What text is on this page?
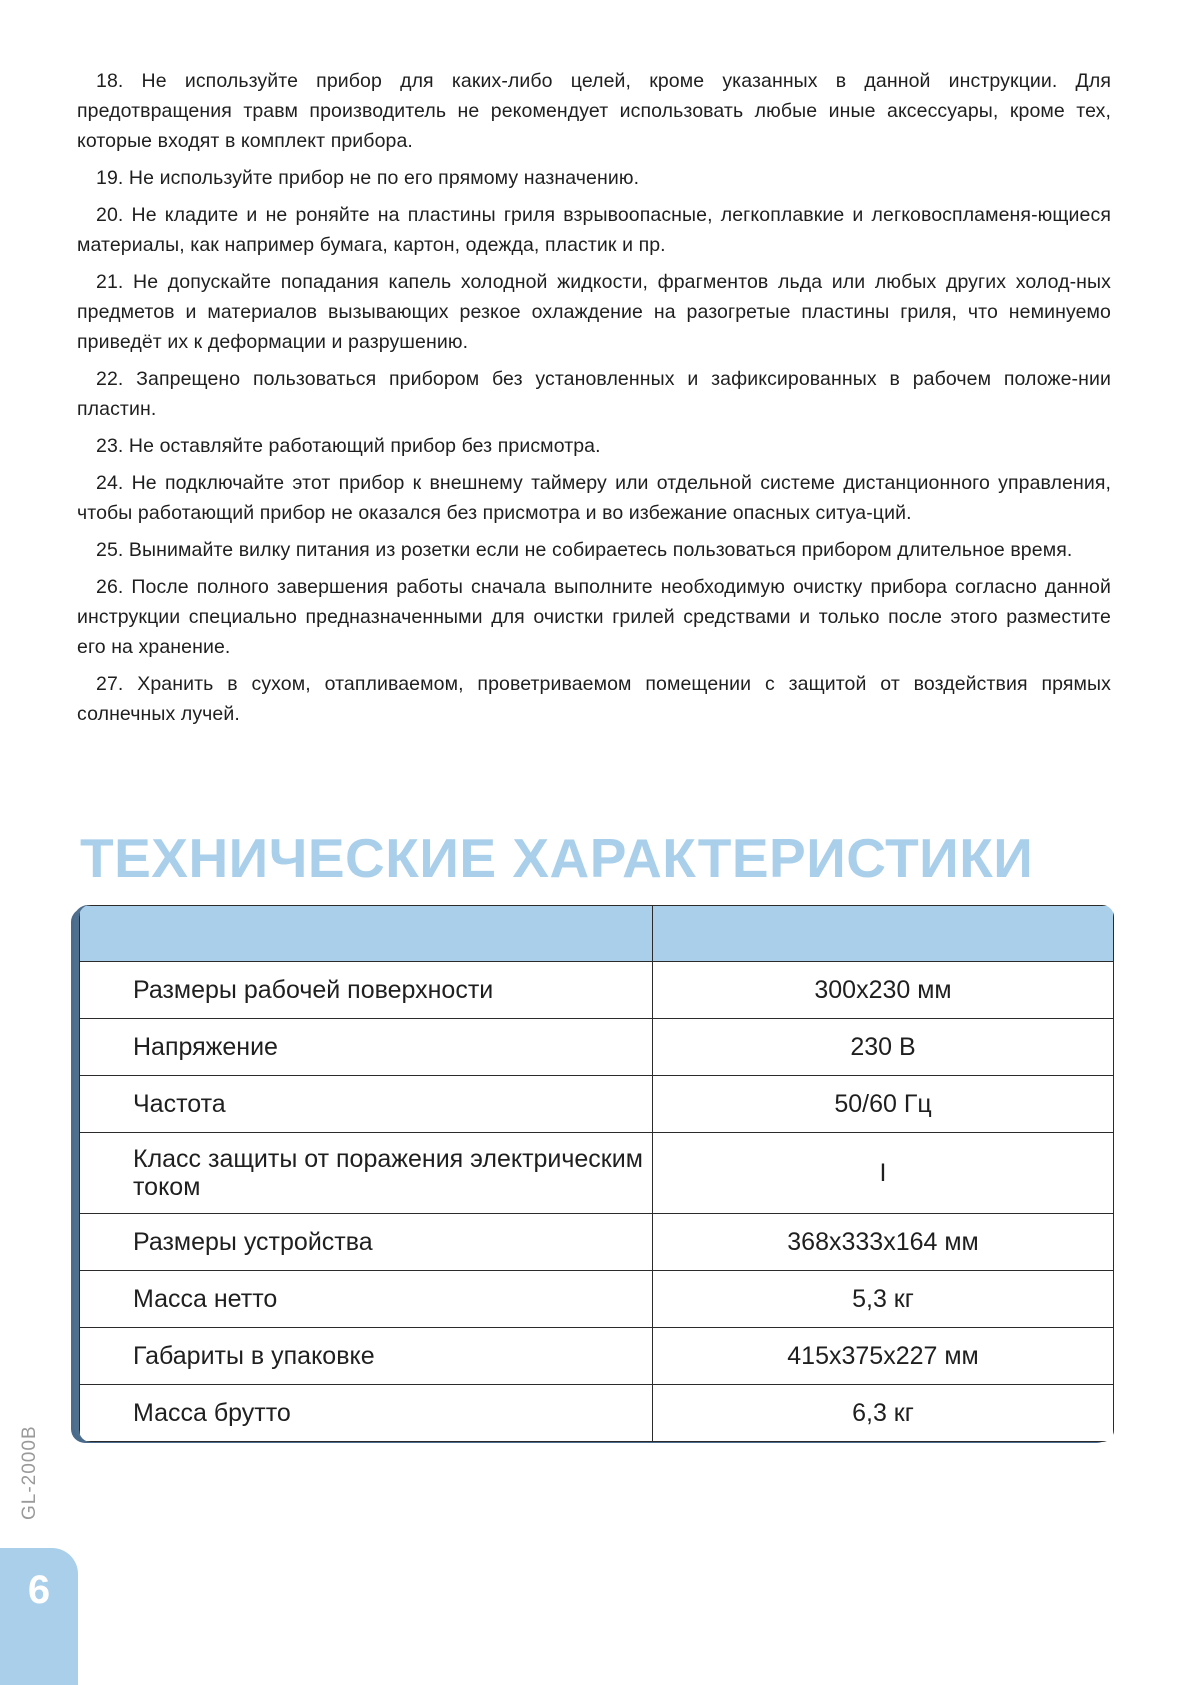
18. Не используйте прибор для каких-либо целей, кроме указанных в данной инструкции. Для предотвращения травм производитель не рекомендует использовать любые иные аксессуары, кроме тех, которые входят в комплект прибора.

19. Не используйте прибор не по его прямому назначению.

20. Не кладите и не роняйте на пластины гриля взрывоопасные, легкоплавкие и легковоспламеня-ющиеся материалы, как например бумага, картон, одежда, пластик и пр.

21. Не допускайте попадания капель холодной жидкости, фрагментов льда или любых других холод-ных предметов и материалов вызывающих резкое охлаждение на разогретые пластины гриля, что неминуемо приведёт их к деформации и разрушению.

22. Запрещено пользоваться прибором без установленных и зафиксированных в рабочем положе-нии пластин.

23. Не оставляйте работающий прибор без присмотра.

24. Не подключайте этот прибор к внешнему таймеру или отдельной системе дистанционного управления, чтобы работающий прибор не оказался без присмотра и во избежание опасных ситуа-ций.

25. Вынимайте вилку питания из розетки если не собираетесь пользоваться прибором длительное время.

26. После полного завершения работы сначала выполните необходимую очистку прибора согласно данной инструкции специально предназначенными для очистки грилей средствами и только после этого разместите его на хранение.

27. Хранить в сухом, отапливаемом, проветриваемом помещении с защитой от воздействия прямых солнечных лучей.

ТЕХНИЧЕСКИЕ ХАРАКТЕРИСТИКИ

Размеры рабочей поверхности	300x230 мм
Напряжение	230 В
Частота	50/60 Гц
Класс защиты от поражения электрическим током	I
Размеры устройства	368x333x164 мм
Масса нетто	5,3 кг
Габариты в упаковке	415x375x227 мм
Масса брутто	6,3 кг
GL-2000B
6
